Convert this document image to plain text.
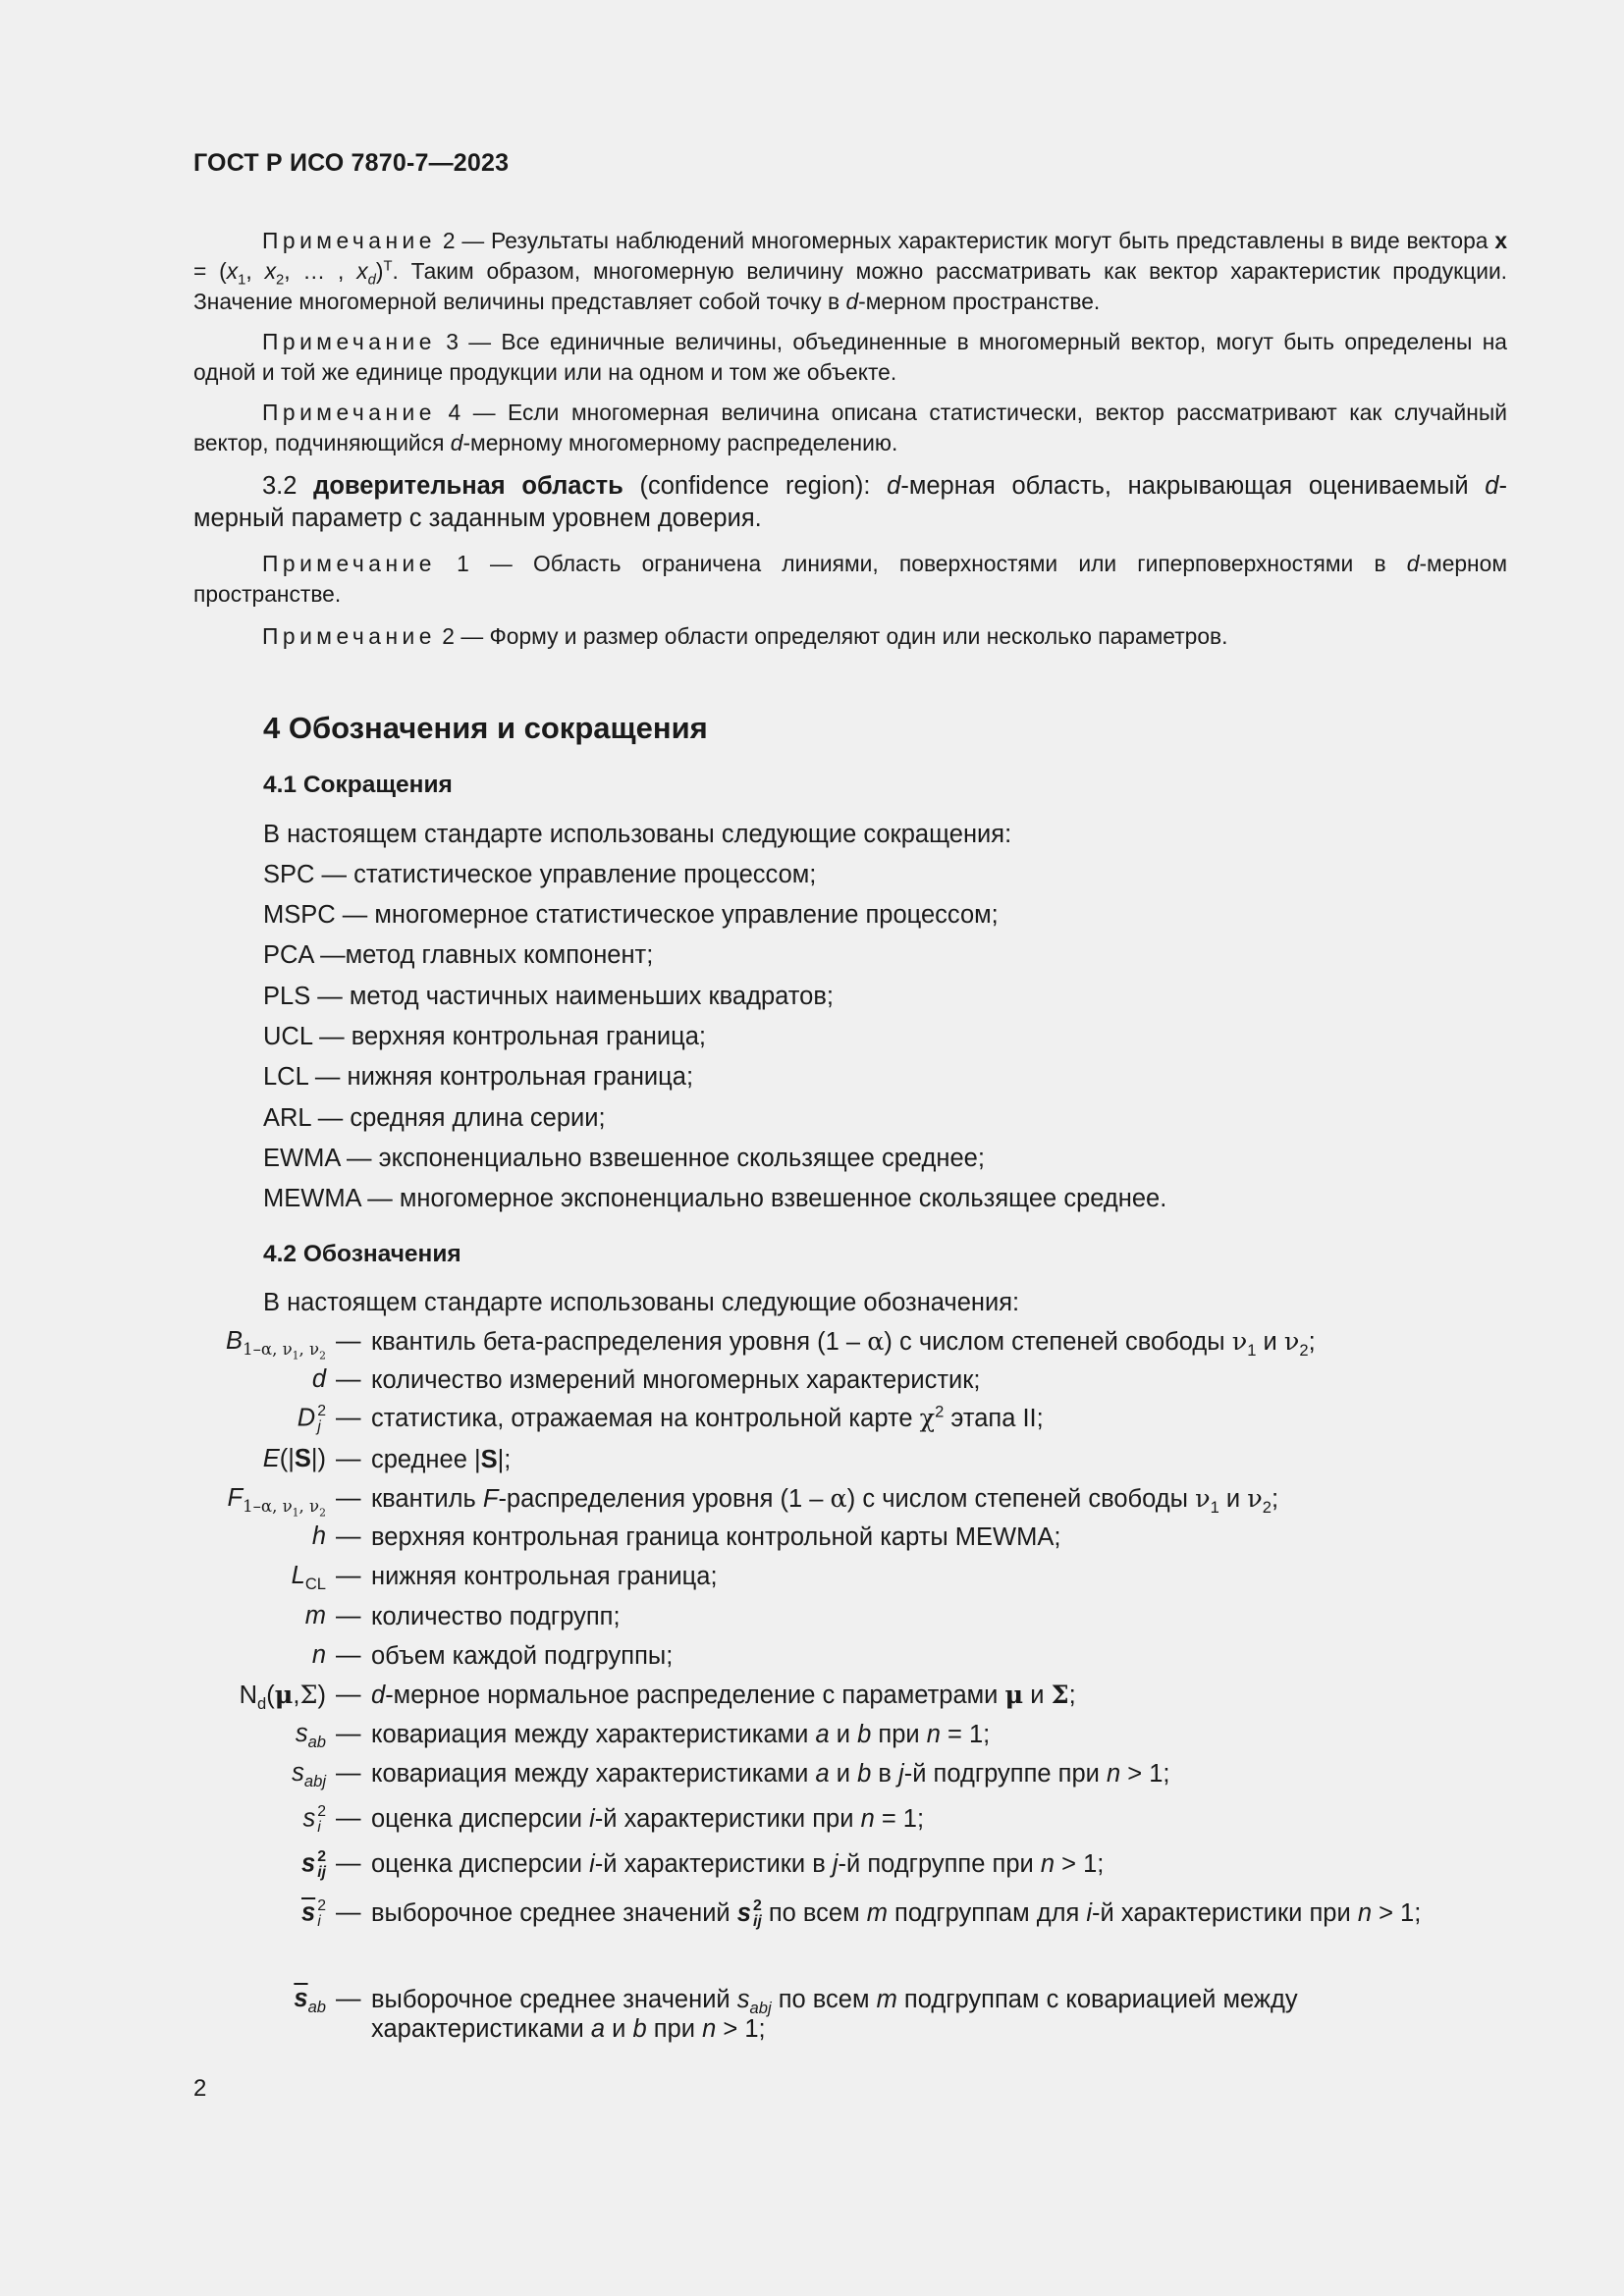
ГОСТ Р ИСО 7870-7—2023

Примечание 2 — Результаты наблюдений многомерных характеристик могут быть представлены в виде вектора $x = (x_1$, $x_2$, … , $x_d)^T$. Таким образом, многомерную величину можно рассматривать как вектор характеристик продукции. Значение многомерной величины представляет собой точку в d-мерном пространстве.

Примечание 3 — Все единичные величины, объединенные в многомерный вектор, могут быть определены на одной и той же единице продукции или на одном и том же объекте.

Примечание 4 — Если многомерная величина описана статистически, вектор рассматривают как случайный вектор, подчиняющийся d-мерному многомерному распределению.

3.2 доверительная область (confidence region): d-мерная область, накрывающая оцениваемый d-мерный параметр с заданным уровнем доверия.

Примечание 1 — Область ограничена линиями, поверхностями или гиперповерхностями в d-мерном пространстве.

Примечание 2 — Форму и размер области определяют один или несколько параметров.

4 Обозначения и сокращения
4.1 Сокращения
В настоящем стандарте использованы следующие сокращения:
SPC — статистическое управление процессом;
MSPC — многомерное статистическое управление процессом;
PCA —метод главных компонент;
PLS — метод частичных наименьших квадратов;
UCL — верхняя контрольная граница;
LCL — нижняя контрольная граница;
ARL — средняя длина серии;
EWMA — экспоненциально взвешенное скользящее среднее;
MEWMA — многомерное экспоненциально взвешенное скользящее среднее.
4.2 Обозначения
В настоящем стандарте использованы следующие обозначения:
$B_{1-\alpha, \nu_1, \nu_2}$
— квантиль бета-распределения уровня (1 – α) с числом степеней свободы $\nu_1$ и $\nu_2$;
d — количество измерений многомерных характеристик;
D 2
j — статистика, отражаемая на контрольной карте $\chi^2$ этапа II;
E(|S|) — среднее |S|;
$F_{1-\alpha, \nu_1, \nu_2}$
— квантиль F-распределения уровня (1 – α) с числом степеней свободы $\nu_1$ и $\nu_2$;
h — верхняя контрольная граница контрольной карты MEWMA;
$L_{CL}$ — нижняя контрольная граница;
m — количество подгрупп;
n — объем каждой подгруппы;
$N_d(\mu,\Sigma)$ — d-мерное нормальное распределение с параметрами μ и Σ;
$s_{ab}$ — ковариация между характеристиками a и b при n = 1;
$s_{abj}$ — ковариация между характеристиками a и b в j-й подгруппе при n > 1;
s 2
i — оценка дисперсии i-й характеристики при n = 1;
s 2
ij — оценка дисперсии i-й характеристики в j-й подгруппе при n > 1;
$\overline{s}$ 2
i — выборочное среднее значений s 2
ij по всем m подгруппам для i-й характеристики при n > 1;
$\overline{s}_{ab}$ — выборочное среднее значений $s_{abj}$ по всем m подгруппам с ковариацией между характеристиками a и b при n > 1;
2
